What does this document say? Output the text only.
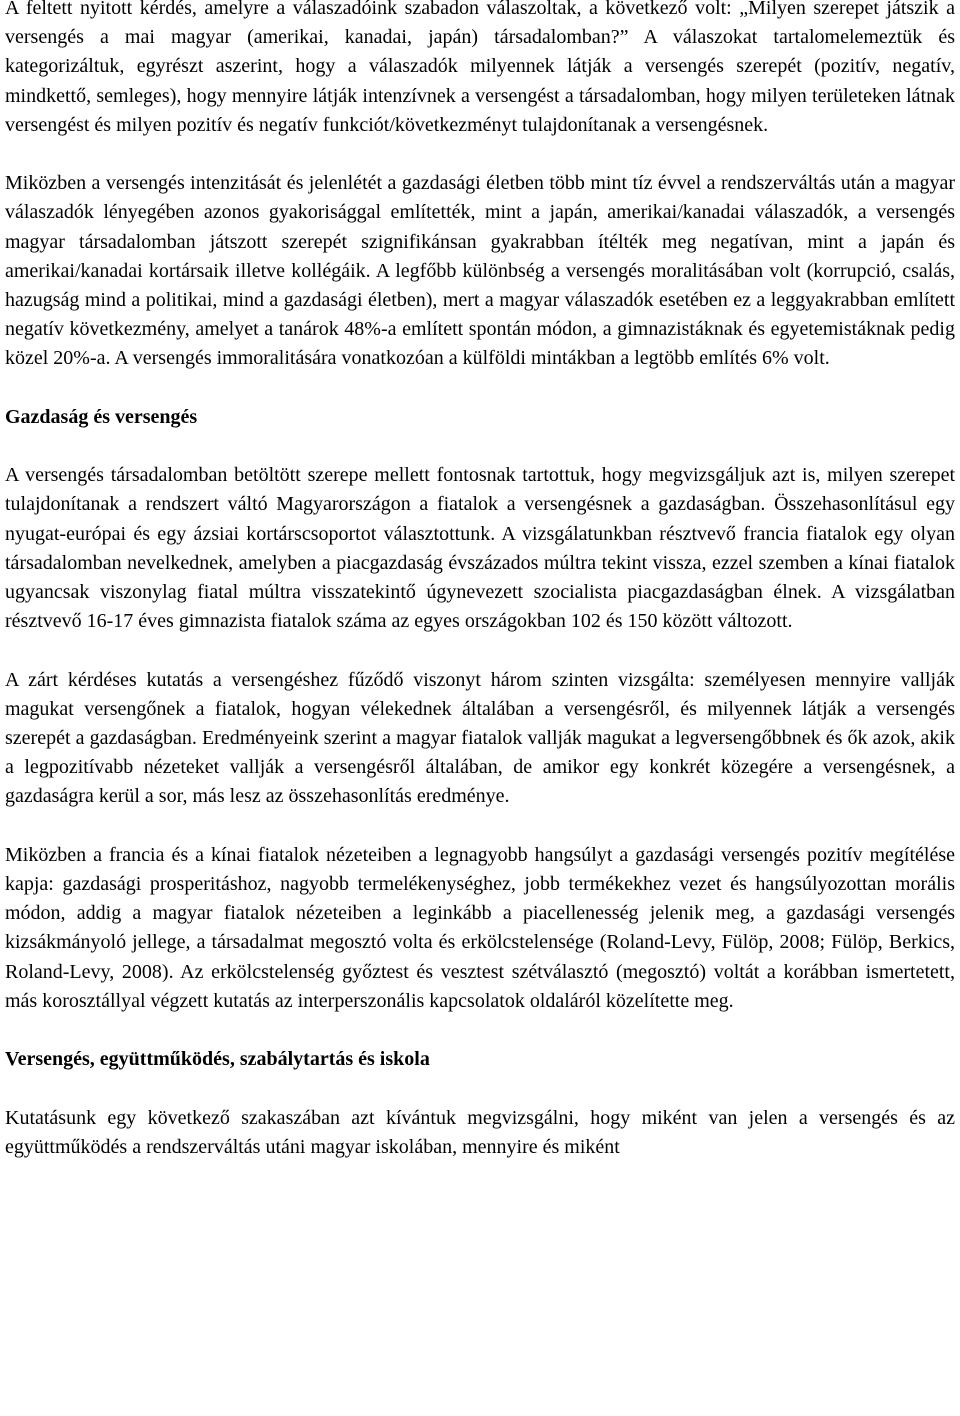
A feltett nyitott kérdés, amelyre a válaszadóink szabadon válaszoltak, a következő volt: „Milyen szerepet játszik a versengés a mai magyar (amerikai, kanadai, japán) társadalomban?” A válaszokat tartalomelemeztük és kategorizáltuk, egyrészt aszerint, hogy a válaszadók milyennek látják a versengés szerepét (pozitív, negatív, mindkettő, semleges), hogy mennyire látják intenzívnek a versengést a társadalomban, hogy milyen területeken látnak versengést és milyen pozitív és negatív funkciót/következményt tulajdonítanak a versengésnek.

Miközben a versengés intenzitását és jelenlétét a gazdasági életben több mint tíz évvel a rendszerváltás után a magyar válaszadók lényegében azonos gyakorisággal említették, mint a japán, amerikai/kanadai válaszadók, a versengés magyar társadalomban játszott szerepét szignifikánsan gyakrabban ítélték meg negatívan, mint a japán és amerikai/kanadai kortársaik illetve kollégáik. A legfőbb különbség a versengés moralitásában volt (korrupció, csalás, hazugság mind a politikai, mind a gazdasági életben), mert a magyar válaszadók esetében ez a leggyakrabban említett negatív következmény, amelyet a tanárok 48%-a említett spontán módon, a gimnazistáknak és egyetemistáknak pedig közel 20%-a. A versengés immoralitására vonatkozóan a külföldi mintákban a legtöbb említés 6% volt.

Gazdaság és versengés

A versengés társadalomban betöltött szerepe mellett fontosnak tartottuk, hogy megvizsgáljuk azt is, milyen szerepet tulajdonítanak a rendszert váltó Magyarországon a fiatalok a versengésnek a gazdaságban. Összehasonlításul egy nyugat-európai és egy ázsiai kortárscsoportot választottunk. A vizsgálatunkban résztvevő francia fiatalok egy olyan társadalomban nevelkednek, amelyben a piacgazdaság évszázados múltra tekint vissza, ezzel szemben a kínai fiatalok ugyancsak viszonylag fiatal múltra visszatekintő úgynevezett szocialista piacgazdaságban élnek. A vizsgálatban résztvevő 16-17 éves gimnazista fiatalok száma az egyes országokban 102 és 150 között változott.

A zárt kérdéses kutatás a versengéshez fűződő viszonyt három szinten vizsgálta: személyesen mennyire vallják magukat versengőnek a fiatalok, hogyan vélekednek általában a versengésről, és milyennek látják a versengés szerepét a gazdaságban. Eredményeink szerint a magyar fiatalok vallják magukat a legversengőbbnek és ők azok, akik a legpozitívabb nézeteket vallják a versengésről általában, de amikor egy konkrét közegére a versengésnek, a gazdaságra kerül a sor, más lesz az összehasonlítás eredménye.

Miközben a francia és a kínai fiatalok nézeteiben a legnagyobb hangsúlyt a gazdasági versengés pozitív megítélése kapja: gazdasági prosperitáshoz, nagyobb termelékenységhez, jobb termékekhez vezet és hangsúlyozottan morális módon, addig a magyar fiatalok nézeteiben a leginkább a piacellenesség jelenik meg, a gazdasági versengés kizsákmányoló jellege, a társadalmat megosztó volta és erkölcstelensége (Roland-Levy, Fülöp, 2008; Fülöp, Berkics, Roland-Levy, 2008). Az erkölcstelenség győztest és vesztest szétválasztó (megosztó) voltát a korábban ismertetett, más korosztállyal végzett kutatás az interperszonális kapcsolatok oldaláról közelítette meg.

Versengés, együttműködés, szabálytartás és iskola

Kutatásunk egy következő szakaszában azt kívántuk megvizsgálni, hogy miként van jelen a versengés és az együttműködés a rendszerváltás utáni magyar iskolában, mennyire és miként
